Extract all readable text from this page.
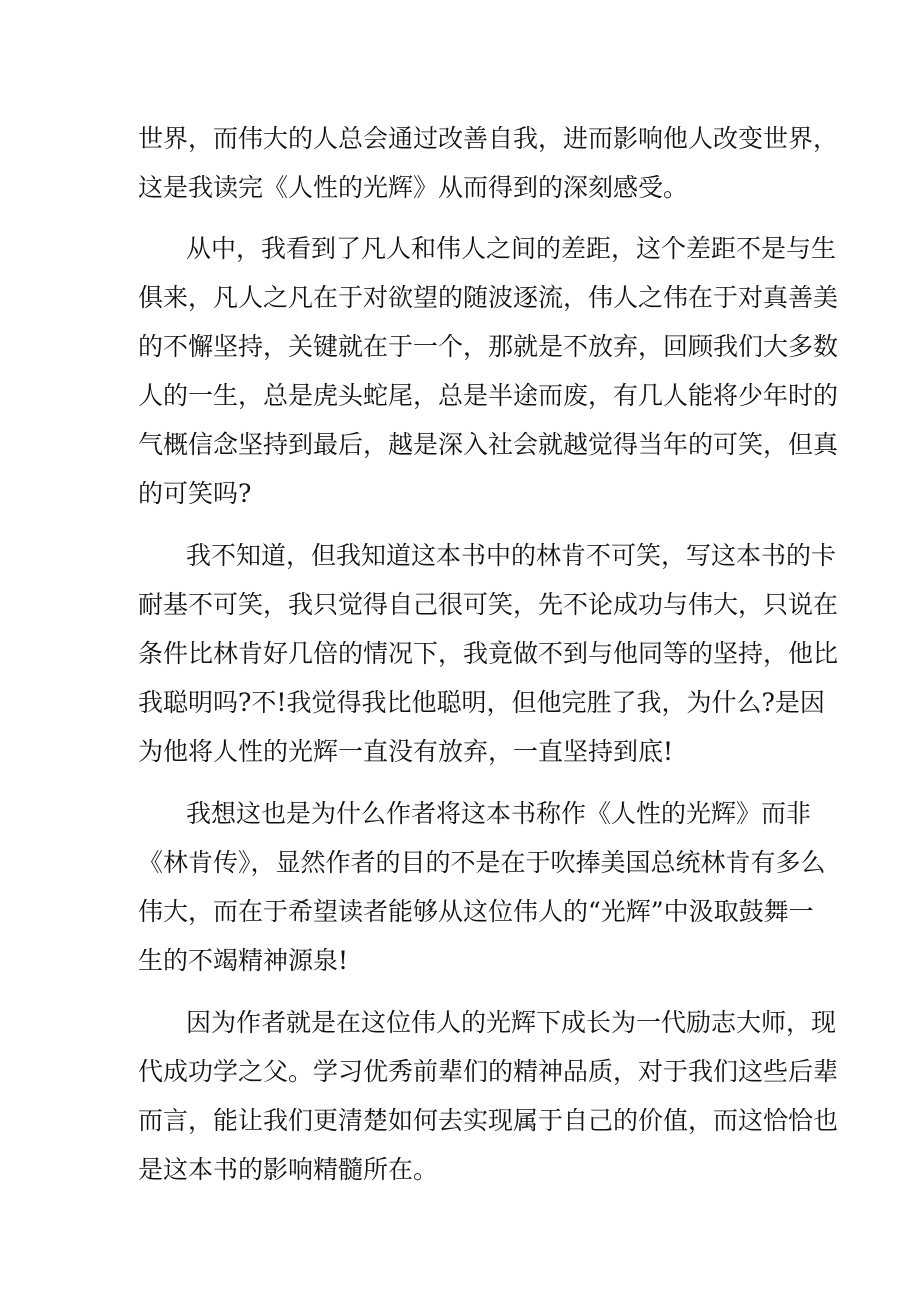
世界，而伟大的人总会通过改善自我，进而影响他人改变世界，
这是我读完《人性的光辉》从而得到的深刻感受。
从中，我看到了凡人和伟人之间的差距，这个差距不是与生
俱来，凡人之凡在于对欲望的随波逐流，伟人之伟在于对真善美
的不懈坚持，关键就在于一个，那就是不放弃，回顾我们大多数
人的一生，总是虎头蛇尾，总是半途而废，有几人能将少年时的
气概信念坚持到最后，越是深入社会就越觉得当年的可笑，但真
的可笑吗?
我不知道，但我知道这本书中的林肯不可笑，写这本书的卡
耐基不可笑，我只觉得自己很可笑，先不论成功与伟大，只说在
条件比林肯好几倍的情况下，我竟做不到与他同等的坚持，他比
我聪明吗?不!我觉得我比他聪明，但他完胜了我，为什么?是因
为他将人性的光辉一直没有放弃，一直坚持到底!
我想这也是为什么作者将这本书称作《人性的光辉》而非
《林肯传》，显然作者的目的不是在于吹捧美国总统林肯有多么
伟大，而在于希望读者能够从这位伟人的“光辉”中汲取鼓舞一
生的不竭精神源泉!
因为作者就是在这位伟人的光辉下成长为一代励志大师，现
代成功学之父。学习优秀前辈们的精神品质，对于我们这些后辈
而言，能让我们更清楚如何去实现属于自己的价值，而这恰恰也
是这本书的影响精髓所在。
